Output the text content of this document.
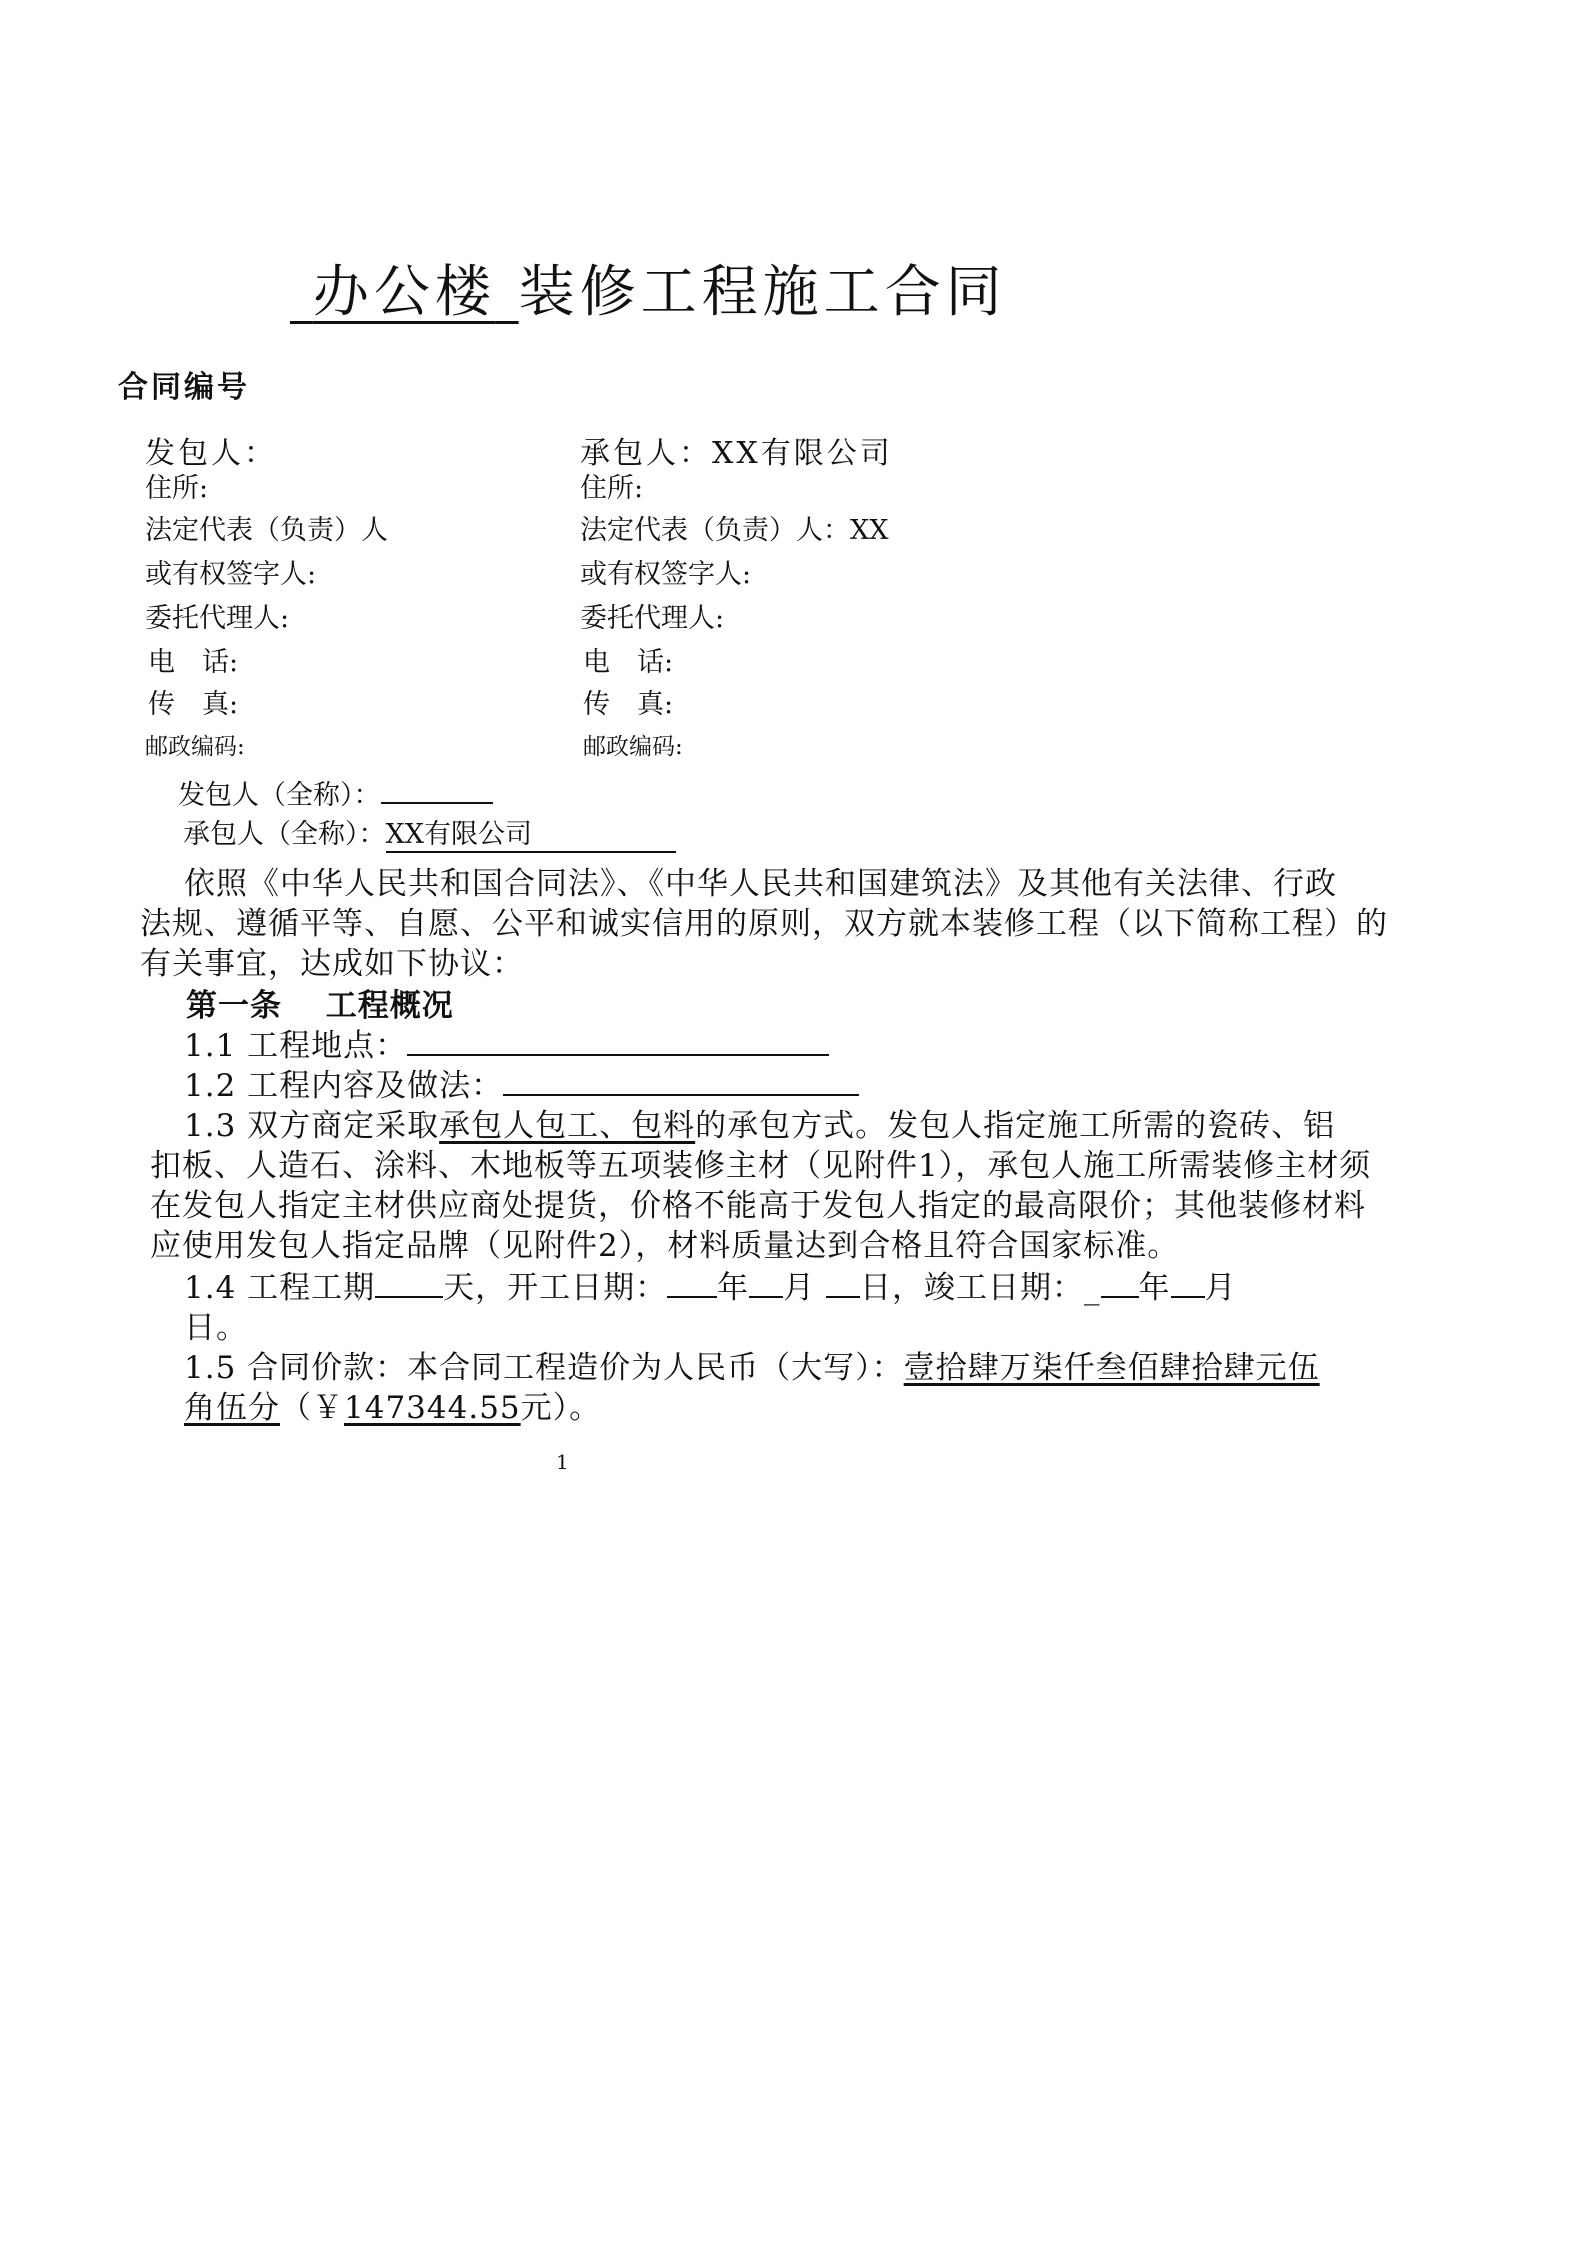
办公楼 装修工程施工合同
合同编号
发包人：
住所:
法定代表（负责）人
或有权签字人:
委托代理人:
电　话:
传　真:
邮政编码:
承包人：XX有限公司
住所:
法定代表（负责）人：XX
或有权签字人:
委托代理人:
电　话:
传　真:
邮政编码:
发包人（全称）：
承包人（全称）：XX有限公司
依照《中华人民共和国合同法》、《中华人民共和国建筑法》及其他有关法律、行政
法规、遵循平等、自愿、公平和诚实信用的原则，双方就本装修工程（以下简称工程）的
有关事宜，达成如下协议：
第一条　 工程概况
1.1 工程地点：
1.2 工程内容及做法：
1.3 双方商定采取承包人包工、包料的承包方式。发包人指定施工所需的瓷砖、铝
扣板、人造石、涂料、木地板等五项装修主材（见附件1），承包人施工所需装修主材须
在发包人指定主材供应商处提货，价格不能高于发包人指定的最高限价；其他装修材料
应使用发包人指定品牌（见附件2），材料质量达到合格且符合国家标准。
1.4 工程工期 天，开工日期： 年 月 日，竣工日期：_ 年 月
日。
1.5 合同价款：本合同工程造价为人民币（大写）：壹拾肆万柒仟叁佰肆拾肆元伍
角伍分（￥147344.55元）。
1
